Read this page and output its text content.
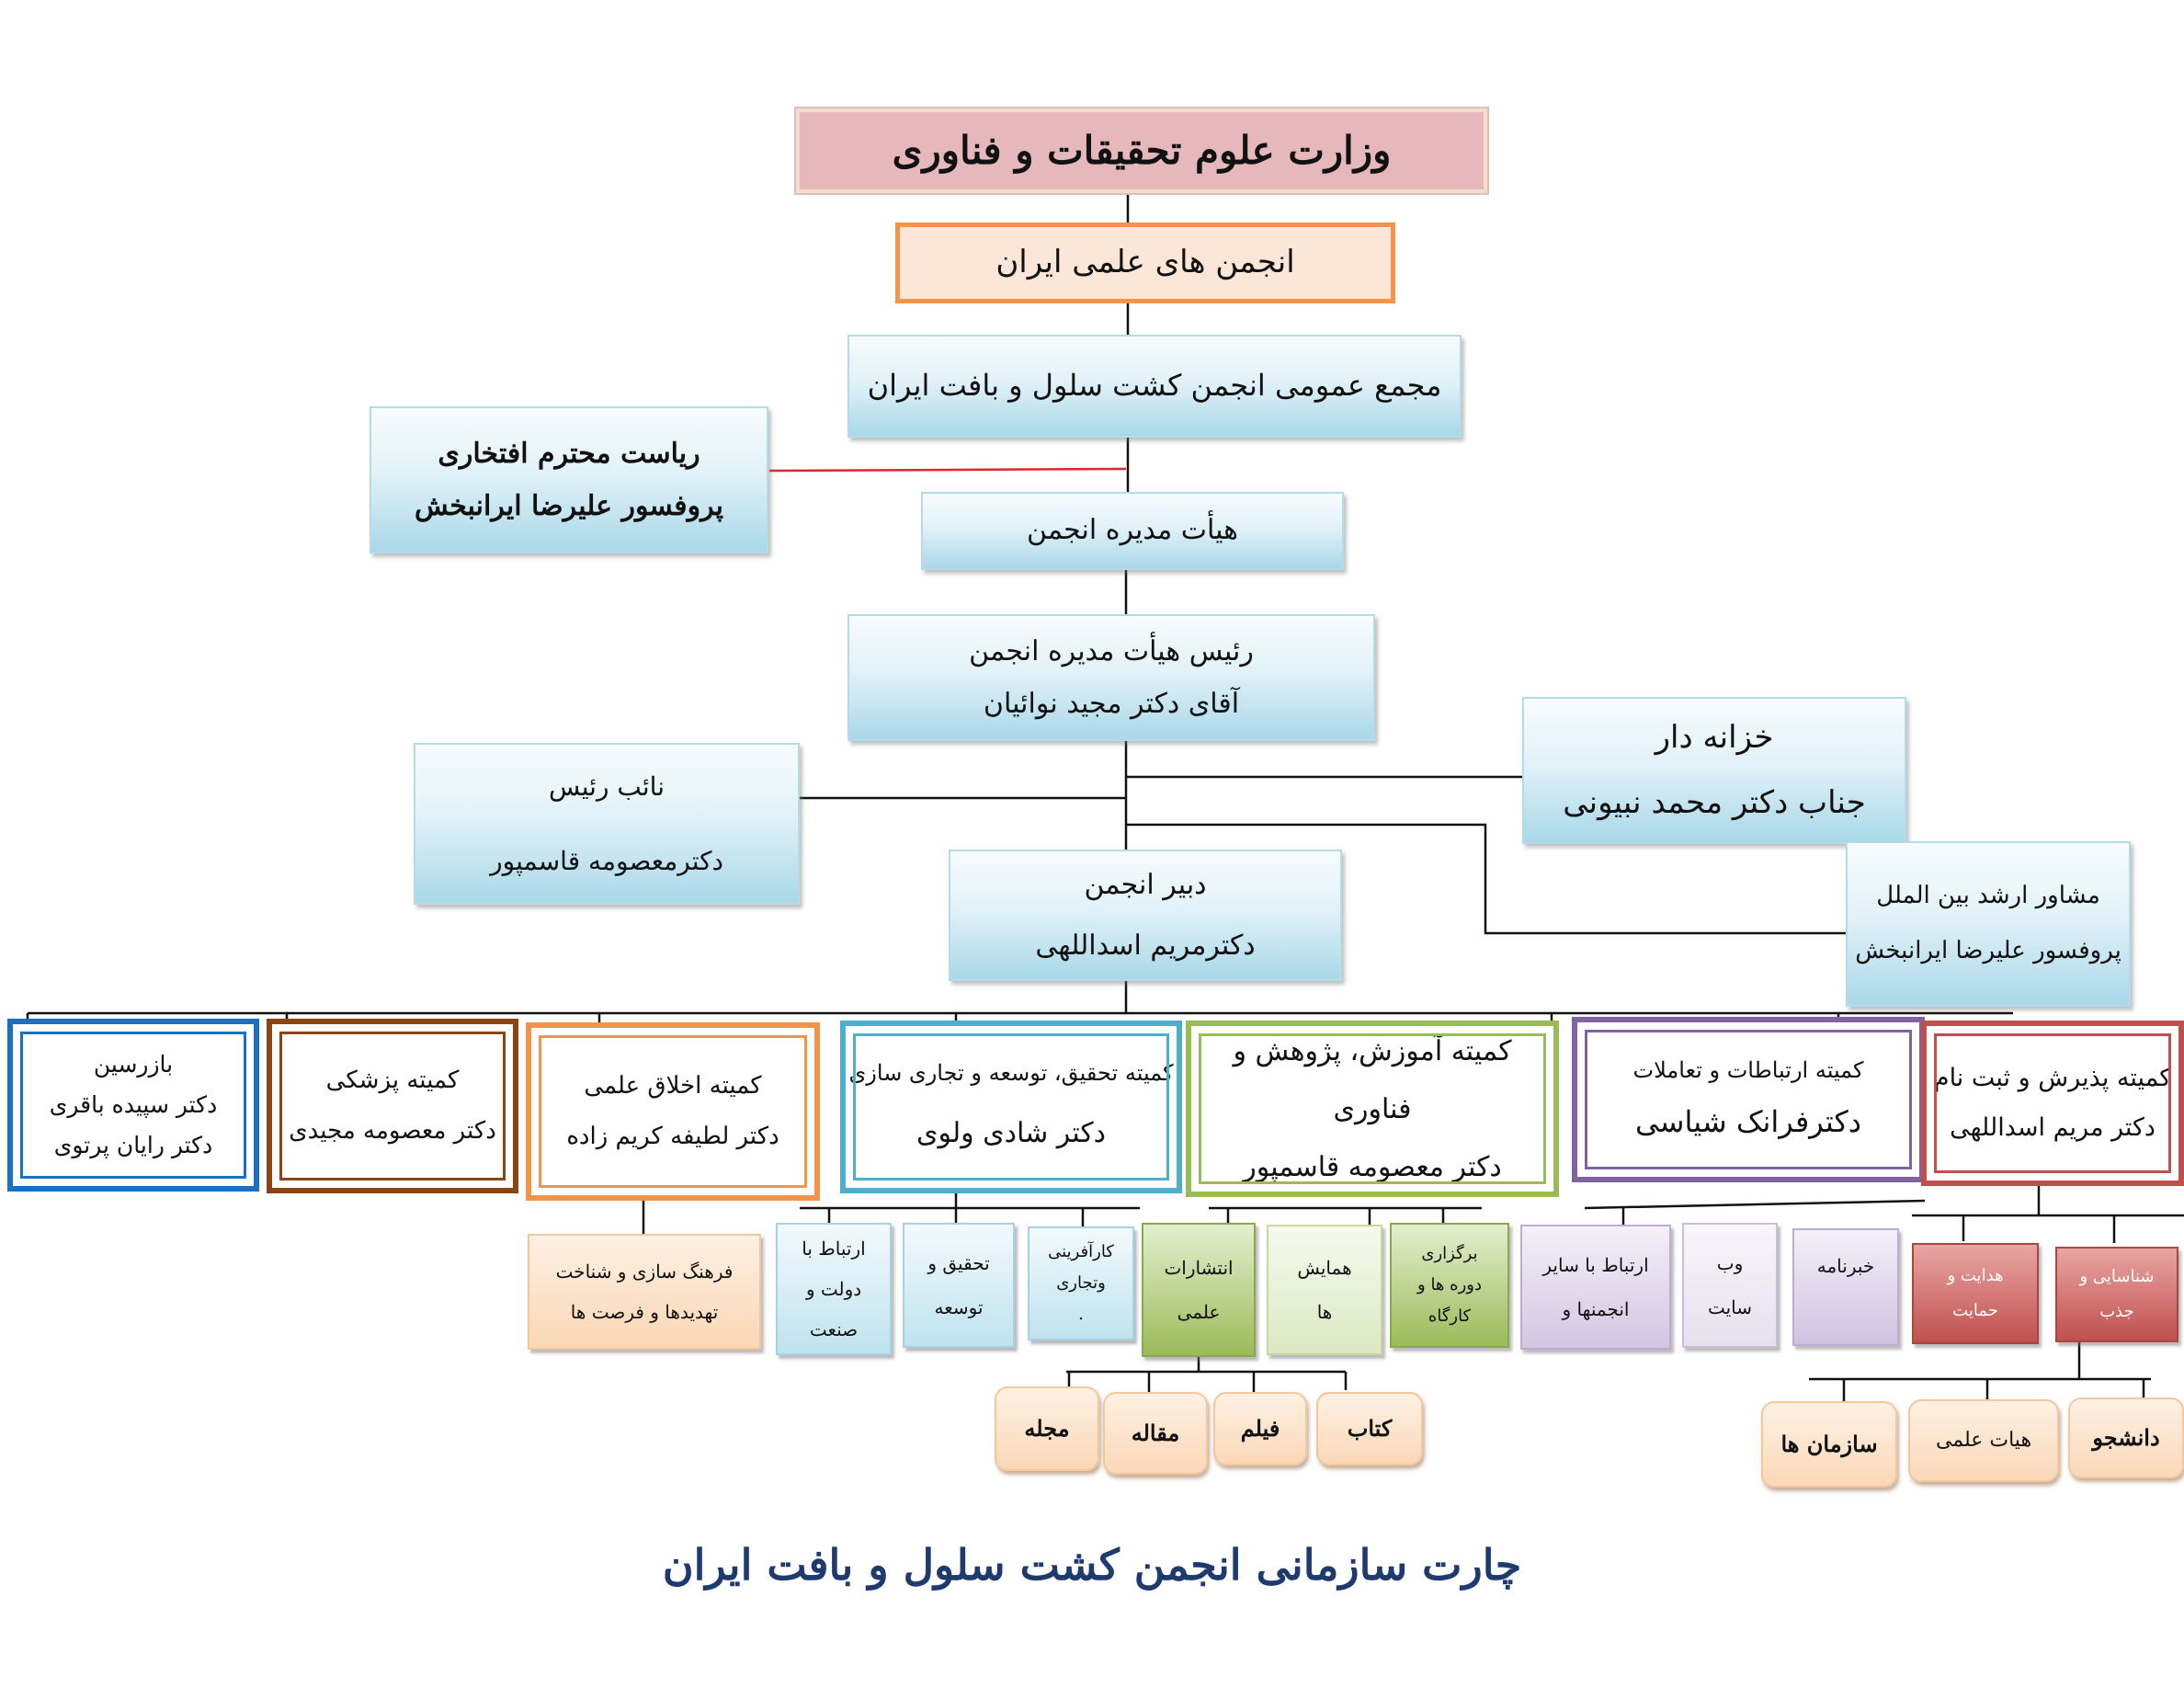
وزارت علوم تحقیقات و فناوری
انجمن های علمی ایران
مجمع عمومی انجمن کشت سلول و بافت ایران
ریاست محترم افتخاری
پروفسور علیرضا ایرانبخش
هیأت مدیره انجمن
رئیس هیأت مدیره انجمن
آقای دکتر مجید نوائیان
خزانه دار
جناب دکتر محمد نبیونی
نائب رئیس
دکترمعصومه قاسمپور
دبیر انجمن
دکترمریم اسداللهی
مشاور ارشد بین الملل
پروفسور علیرضا ایرانبخش
بازرسین
دکتر سپیده باقری
دکتر رایان پرتوی
کمیته پزشکی
دکتر معصومه مجیدی
کمیته اخلاق علمی
دکتر لطیفه کریم زاده
کمیته تحقیق، توسعه و تجاری سازی
دکتر شادی ولوی
کمیته آموزش، پژوهش و فناوری
دکتر معصومه قاسمپور
کمیته ارتباطات و تعاملات
دکترفرانک شیاسی
کمیته پذیرش و ثبت نام
دکتر مریم اسداللهی
فرهنگ سازی و شناخت
تهدیدها و فرصت ها
ارتباط با
دولت و
صنعت
تحقیق و
توسعه
کارآفرینی
وتجاری
.
انتشارات
علمی
همایش
ها
برگزاری
دوره ها و
کارگاه
ارتباط با سایر
انجمنها و
وب
سایت
خبرنامه	هدایت و
حمایت
شناسایی و
جذب
مجله	مقاله	فیلم	کتاب
سازمان ها	هیات علمی	دانشجو
چارت سازمانی انجمن کشت سلول و بافت ایران
